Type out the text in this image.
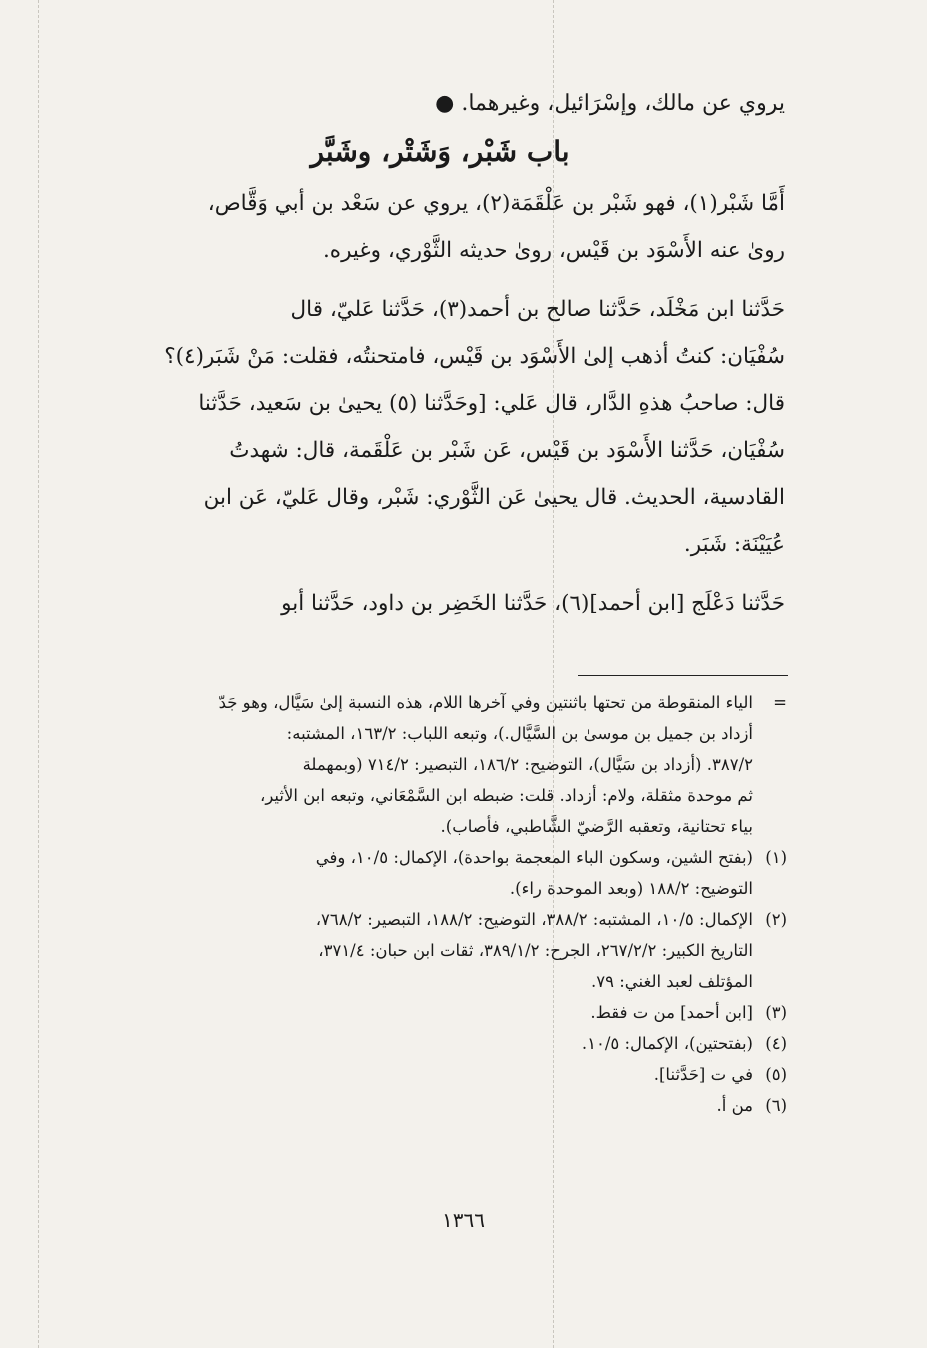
يروي عن مالك، وإسْرَائيل، وغيرهما. ●

باب شَبْر، وَشَتْر، وشَبَّر

أَمَّا شَبْر(١)، فهو شَبْر بن عَلْقَمَة(٢)، يروي عن سَعْد بن أبي وَقَّاص،

روىٰ عنه الأَسْوَد بن قَيْس، روىٰ حديثه الثَّوْري، وغيره.

حَدَّثنا ابن مَخْلَد، حَدَّثنا صالح بن أحمد(٣)، حَدَّثنا عَليّ، قال

سُفْيَان: كنتُ أذهب إلىٰ الأَسْوَد بن قَيْس، فامتحنتُه، فقلت: مَنْ شَبَر(٤)؟

قال: صاحبُ هذهِ الدَّار، قال عَلي: [وحَدَّثنا (٥) يحيىٰ بن سَعيد، حَدَّثنا

سُفْيَان، حَدَّثنا الأَسْوَد بن قَيْس، عَن شَبْر بن عَلْقَمة، قال: شهدتُ

القادسية، الحديث. قال يحيىٰ عَن الثَّوْري: شَبْر، وقال عَليّ، عَن ابن

عُيَيْنَة: شَبَر.

حَدَّثنا دَعْلَج [ابن أحمد](٦)، حَدَّثنا الخَضِر بن داود، حَدَّثنا أبو

=
الياء المنقوطة من تحتها باثنتين وفي آخرها اللام، هذه النسبة إلىٰ سَيَّال، وهو جَدّ
أزداد بن جميل بن موسىٰ بن السَّيَّال.)، وتبعه اللباب: ١٦٣/٢، المشتبه:
٣٨٧/٢. (أزداد بن سَيَّال)، التوضيح: ١٨٦/٢، التبصير: ٧١٤/٢ (وبمهملة
ثم موحدة مثقلة، ولام: أزداد. قلت: ضبطه ابن السَّمْعَاني، وتبعه ابن الأثير،
بياء تحتانية، وتعقبه الرَّضيّ الشَّاطبي، فأصاب).
(١)
(بفتح الشين، وسكون الباء المعجمة بواحدة)، الإكمال: ١٠/٥، وفي
التوضيح: ١٨٨/٢ (وبعد الموحدة راء).
(٢)
الإكمال: ١٠/٥، المشتبه: ٣٨٨/٢، التوضيح: ١٨٨/٢، التبصير: ٧٦٨/٢،
التاريخ الكبير: ٢٦٧/٢/٢، الجرح: ٣٨٩/١/٢، ثقات ابن حبان: ٣٧١/٤،
المؤتلف لعبد الغني: ٧٩.
(٣)
[ابن أحمد] من ت فقط.
(٤)
(بفتحتين)، الإكمال: ١٠/٥.
(٥)
في ت [حَدَّثنا].
(٦)
من أ.
١٣٦٦
